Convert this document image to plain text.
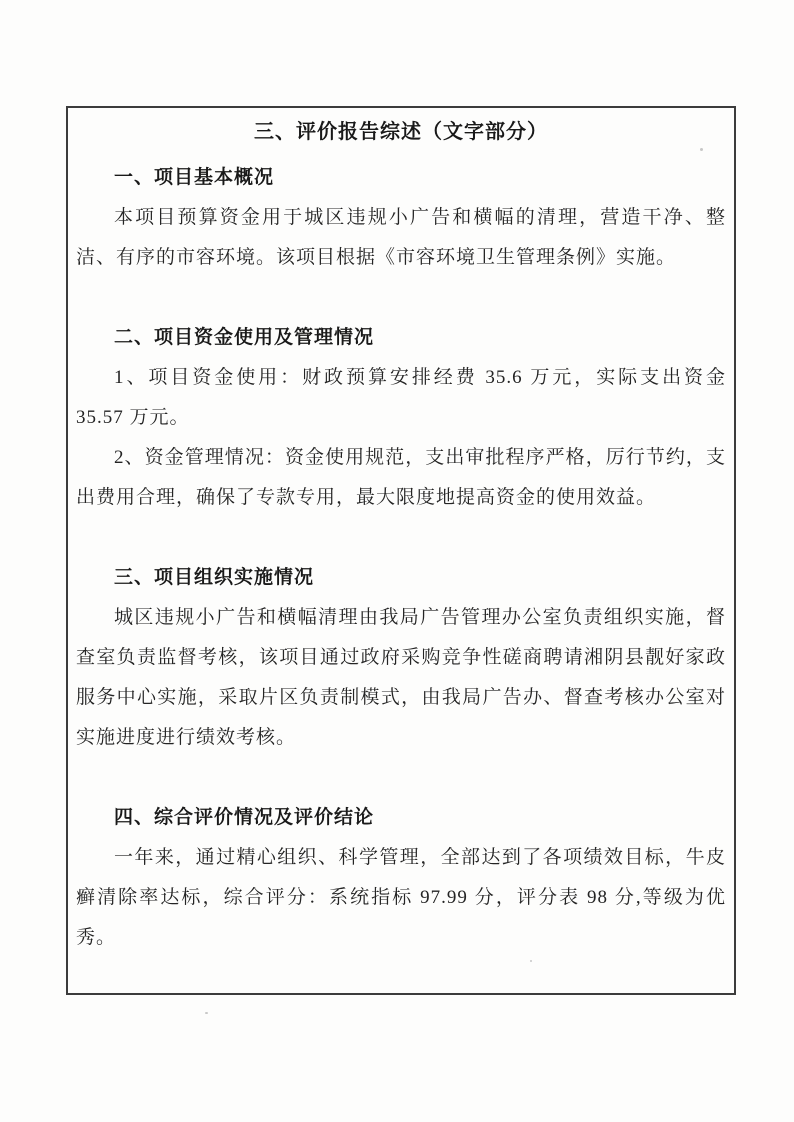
三、评价报告综述（文字部分）
一、项目基本概况

本项目预算资金用于城区违规小广告和横幅的清理，营造干净、整洁、有序的市容环境。该项目根据《市容环境卫生管理条例》实施。

二、项目资金使用及管理情况

1、项目资金使用：财政预算安排经费 35.6 万元，实际支出资金 35.57 万元。

2、资金管理情况：资金使用规范，支出审批程序严格，厉行节约，支出费用合理，确保了专款专用，最大限度地提高资金的使用效益。

三、项目组织实施情况

城区违规小广告和横幅清理由我局广告管理办公室负责组织实施，督查室负责监督考核，该项目通过政府采购竞争性磋商聘请湘阴县靓好家政服务中心实施，采取片区负责制模式，由我局广告办、督查考核办公室对实施进度进行绩效考核。

四、综合评价情况及评价结论

一年来，通过精心组织、科学管理，全部达到了各项绩效目标，牛皮癣清除率达标，综合评分：系统指标 97.99 分，评分表 98 分,等级为优秀。
